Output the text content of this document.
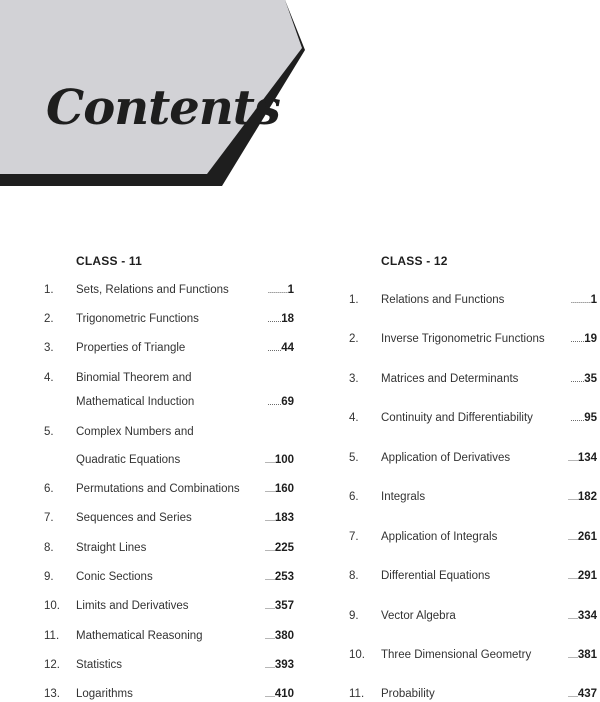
Contents
CLASS - 11
1. Sets, Relations and Functions	..........1
2. Trigonometric Functions	.......18
3. Properties of Triangle	.......44
4. Binomial Theorem and
Mathematical Induction	.......69
5. Complex Numbers and
Quadratic Equations	.....100
6. Permutations and Combinations	.....160
7. Sequences and Series	.....183
8. Straight Lines	.....225
9. Conic Sections	.....253
10. Limits and Derivatives	.....357
11. Mathematical Reasoning	.....380
12. Statistics	.....393
13. Logarithms	.....410
CLASS - 12
1. Relations and Functions	..........1
2. Inverse Trigonometric Functions	.......19
3. Matrices and Determinants	.......35
4. Continuity and Differentiability	.......95
5. Application of Derivatives	.....134
6. Integrals	.....182
7. Application of Integrals	.....261
8. Differential Equations	.....291
9. Vector Algebra	.....334
10. Three Dimensional Geometry	.....381
11. Probability	.....437
